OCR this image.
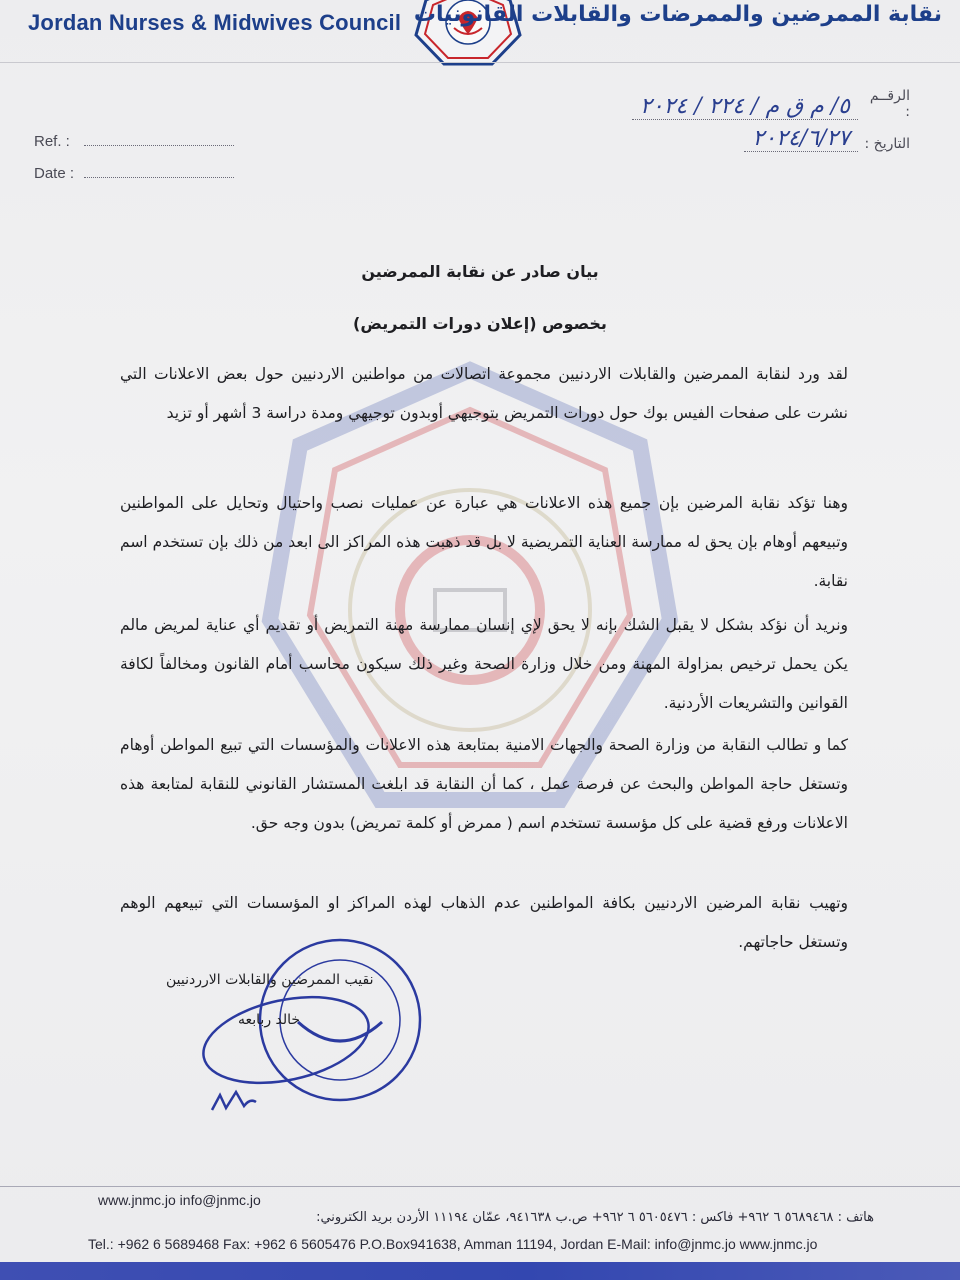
Jordan Nurses & Midwives Council نقابة الممرضين والممرضات والقابلات القانونيات
Ref. :
Date :
الرقــم :
٥/ م ق م / ٢٢٤ / ٢٠٢٤
التاريخ :
٢٠٢٤/٦/٢٧
بيان صادر عن نقابة الممرضين
بخصوص (إعلان دورات التمريض)
لقد ورد لنقابة الممرضين والقابلات الاردنيين مجموعة اتصالات من مواطنين الاردنيين حول بعض الاعلانات التي نشرت على صفحات الفيس بوك حول دورات التمريض بتوجيهي أوبدون توجيهي ومدة دراسة 3 أشهر أو تزيد
وهنا تؤكد نقابة المرضين بإن جميع هذه الاعلانات هي عبارة عن عمليات نصب واحتيال وتحايل على المواطنين وتبيعهم أوهام بإن يحق له ممارسة العناية التمريضية لا بل قد ذهبت هذه المراكز الى ابعد من ذلك بإن تستخدم اسم نقابة.
ونريد أن نؤكد بشكل لا يقبل الشك بإنه لا يحق لإي إنسان ممارسة مهنة التمريض أو تقديم أي عناية لمريض مالم يكن يحمل ترخيص بمزاولة المهنة ومن خلال وزارة الصحة وغير ذلك سيكون محاسب أمام القانون ومخالفاً لكافة القوانين والتشريعات الأردنية.
كما و تطالب النقابة من وزارة الصحة والجهات الامنية بمتابعة هذه الاعلانات والمؤسسات التي تبيع المواطن أوهام وتستغل حاجة المواطن والبحث عن فرصة عمل ، كما أن النقابة قد ابلغت المستشار القانوني للنقابة لمتابعة هذه الاعلانات ورفع قضية على كل مؤسسة تستخدم اسم ( ممرض أو كلمة تمريض) بدون وجه حق.
وتهيب نقابة المرضين الاردنيين بكافة المواطنين عدم الذهاب لهذه المراكز او المؤسسات التي تبيعهم الوهم وتستغل حاجاتهم.
نقيب الممرضين والقابلات الارردنيين
خالد ربابعه
www.jnmc.jo info@jnmc.jo
هاتف : ٥٦٨٩٤٦٨ ٦ ٩٦٢+ فاكس : ٥٦٠٥٤٧٦ ٦ ٩٦٢+ ص.ب ٩٤١٦٣٨، عمّان ١١١٩٤ الأردن بريد الكتروني:
Tel.: +962 6 5689468 Fax: +962 6 5605476 P.O.Box941638, Amman 11194, Jordan E-Mail: info@jnmc.jo www.jnmc.jo
